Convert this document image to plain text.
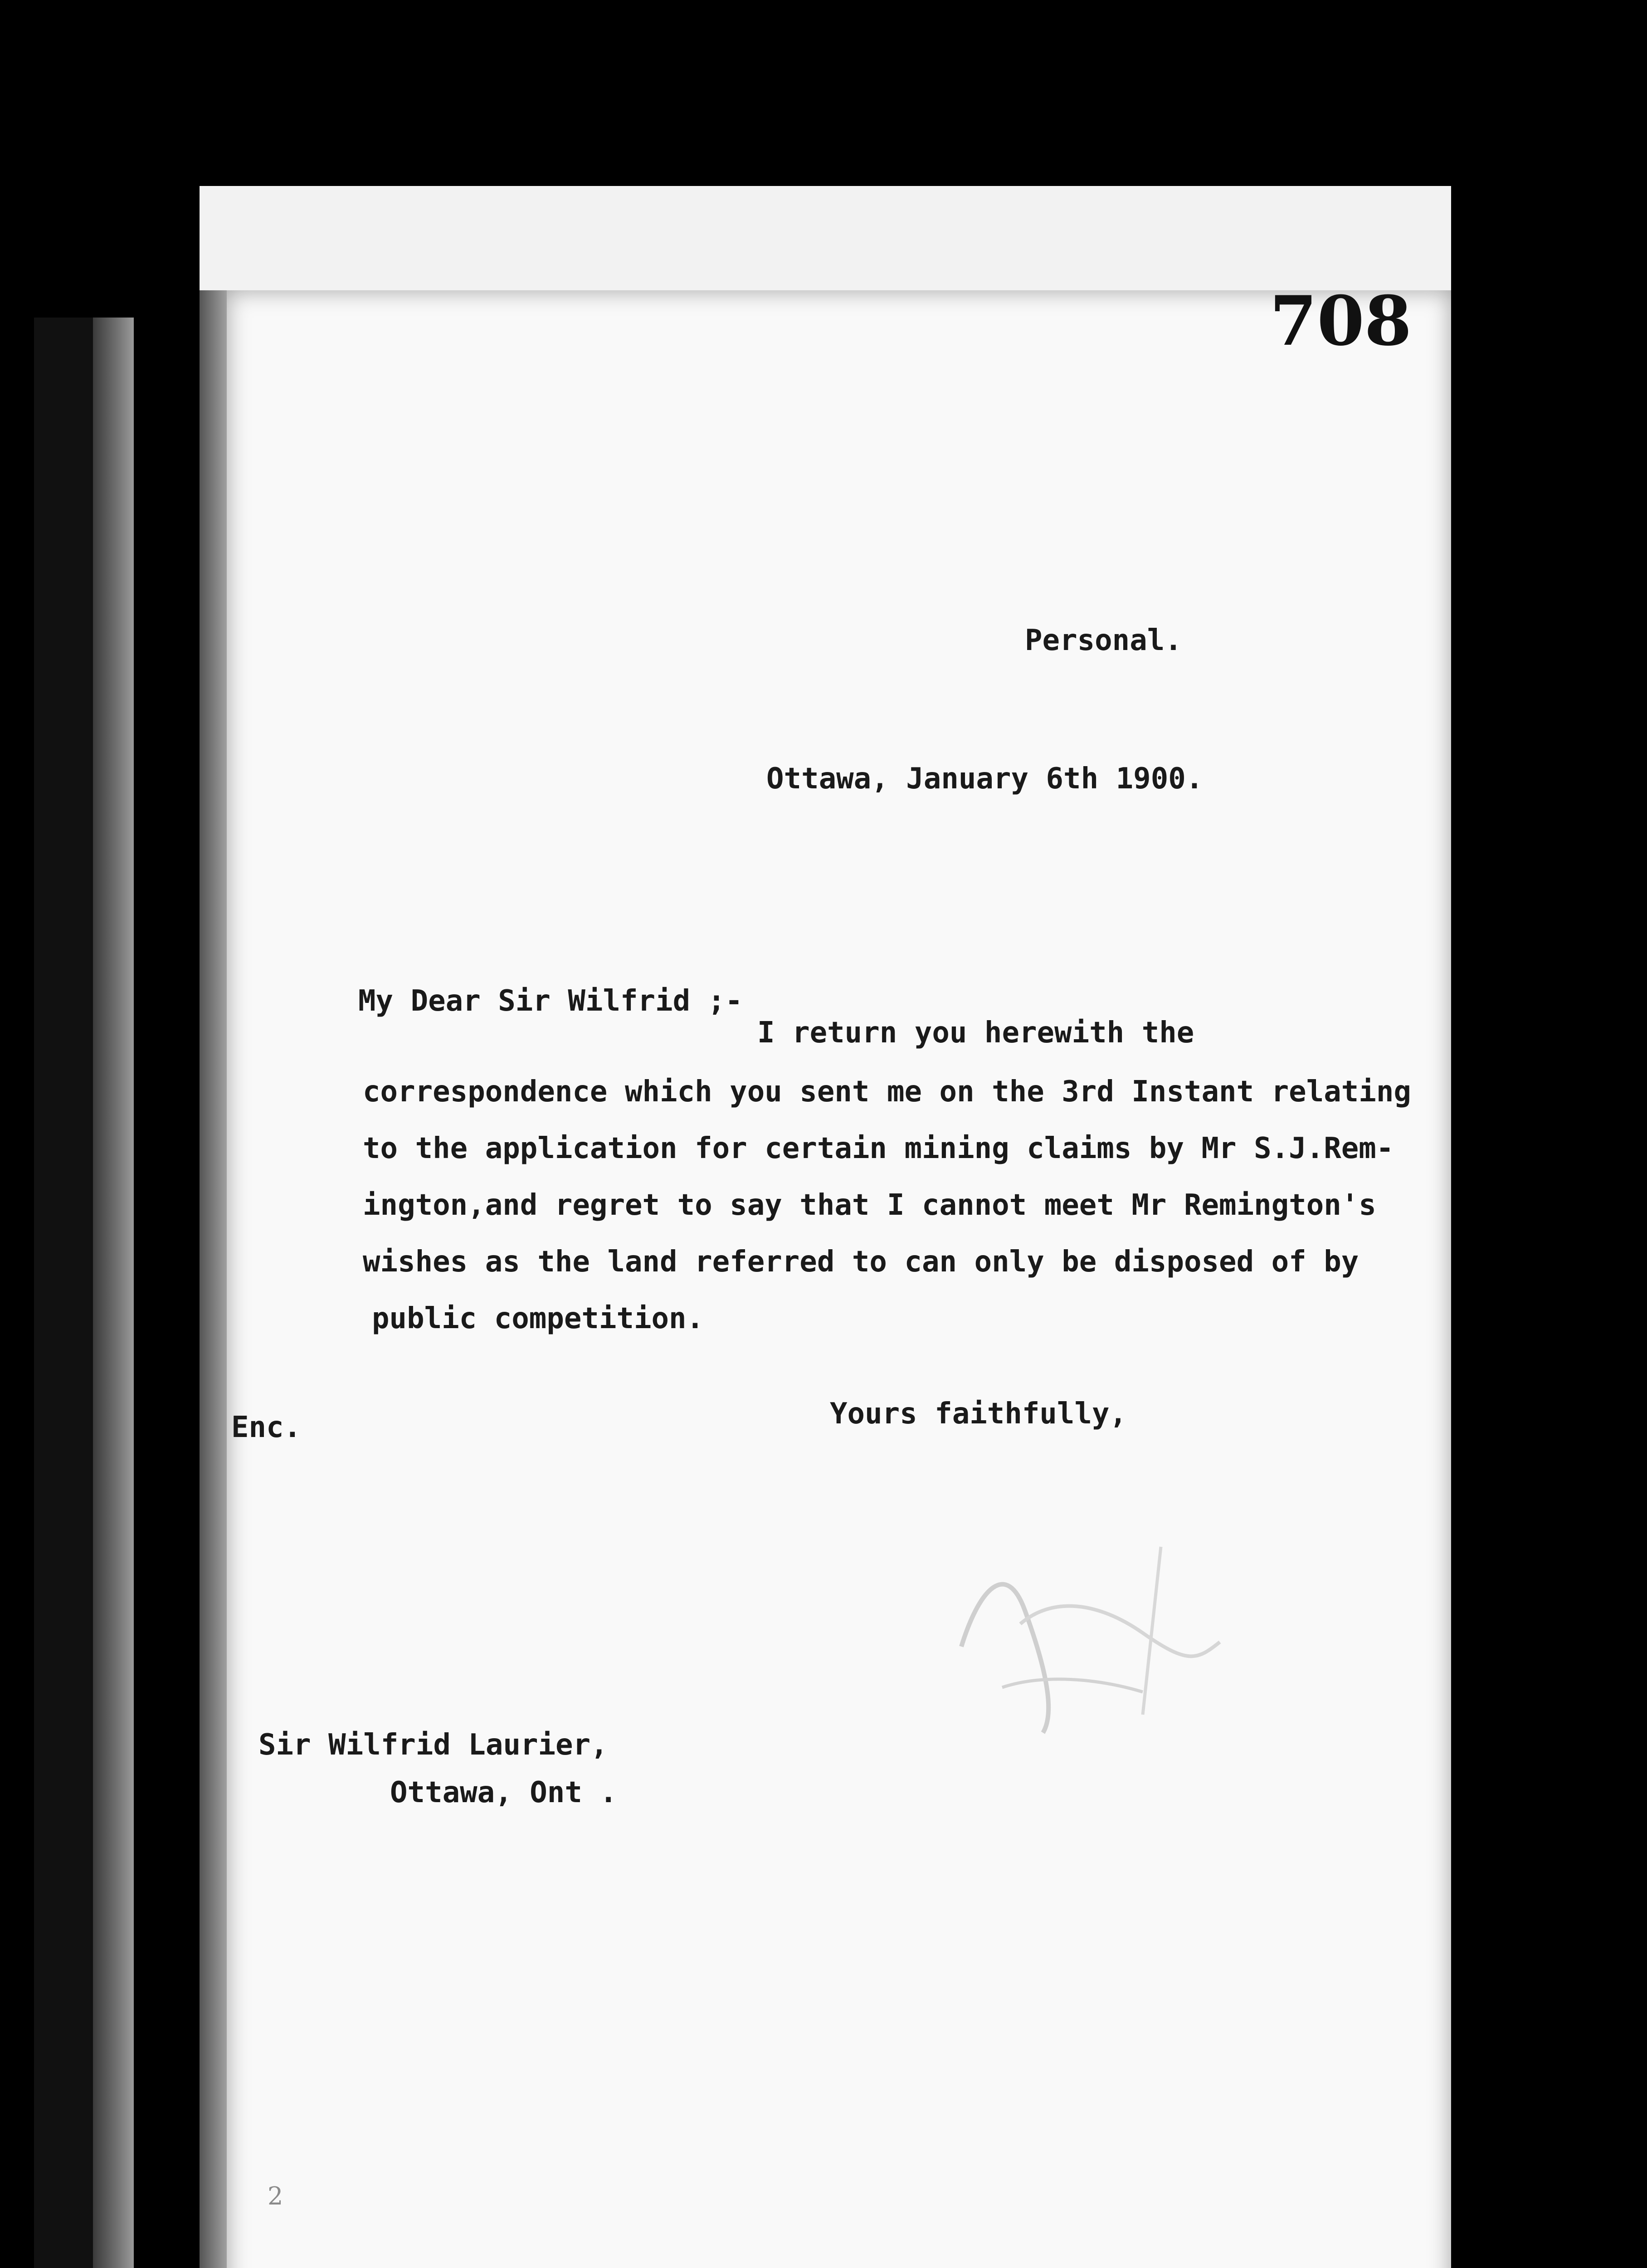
708
Personal.
Ottawa, January 6th 1900.
My Dear Sir Wilfrid ;-
I return you herewith the
correspondence which you sent me on the 3rd Instant relating
to the application for certain mining claims by Mr S.J.Rem-
ington,and regret to say that I cannot meet Mr Remington's
wishes as the land referred to can only be disposed of by
public competition.
Enc.	Yours faithfully,
Sir Wilfrid Laurier,
Ottawa, Ont .
2
